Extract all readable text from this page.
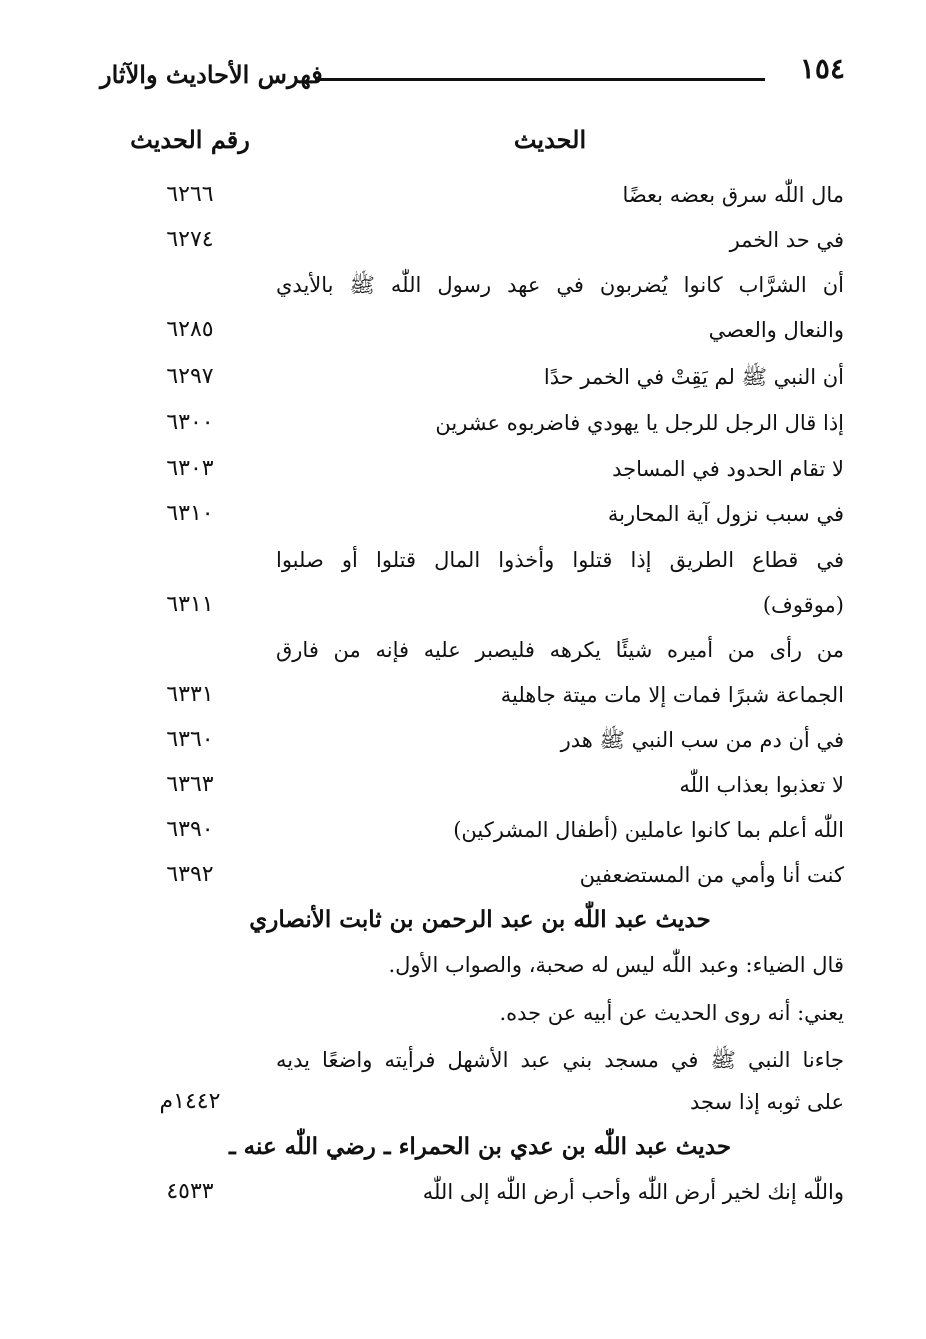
١٥٤
فهرس الأحاديث والآثار
الحديث
رقم الحديث
مال اللّٰه سرق بعضه بعضًا
٦٢٦٦
في حد الخمر
٦٢٧٤
أن الشرَّاب كانوا يُضربون في عهد رسول اللّٰه ﷺ بالأيدي
والنعال والعصي
٦٢٨٥
أن النبي ﷺ لم يَقِتْ في الخمر حدًا
٦٢٩٧
إذا قال الرجل للرجل يا يهودي فاضربوه عشرين
٦٣٠٠
لا تقام الحدود في المساجد
٦٣٠٣
في سبب نزول آية المحاربة
٦٣١٠
في قطاع الطريق إذا قتلوا وأخذوا المال قتلوا أو صلبوا
(موقوف)
٦٣١١
من رأى من أميره شيئًا يكرهه فليصبر عليه فإنه من فارق
الجماعة شبرًا فمات إلا مات ميتة جاهلية
٦٣٣١
في أن دم من سب النبي ﷺ هدر
٦٣٦٠
لا تعذبوا بعذاب اللّٰه
٦٣٦٣
اللّٰه أعلم بما كانوا عاملين (أطفال المشركين)
٦٣٩٠
كنت أنا وأمي من المستضعفين
٦٣٩٢
حديث عبد اللّٰه بن عبد الرحمن بن ثابت الأنصاري
قال الضياء: وعبد اللّٰه ليس له صحبة، والصواب الأول.
يعني: أنه روى الحديث عن أبيه عن جده.
جاءنا النبي ﷺ في مسجد بني عبد الأشهل فرأيته واضعًا يديه
على ثوبه إذا سجد
١٤٤٢م
حديث عبد اللّٰه بن عدي بن الحمراء ـ رضي اللّٰه عنه ـ
واللّٰه إنك لخير أرض اللّٰه وأحب أرض اللّٰه إلى اللّٰه
٤٥٣٣
